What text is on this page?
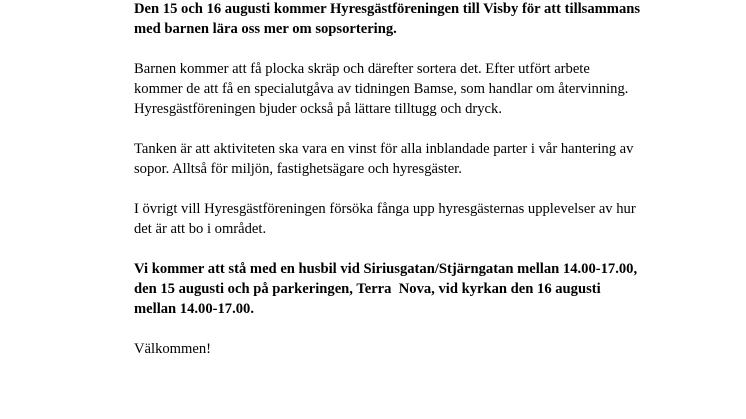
Den 15 och 16 augusti kommer Hyresgästföreningen till Visby för att tillsammans
med barnen lära oss mer om sopsortering.

Barnen kommer att få plocka skräp och därefter sortera det. Efter utfört arbete
kommer de att få en specialutgåva av tidningen Bamse, som handlar om återvinning.
Hyresgästföreningen bjuder också på lättare tilltugg och dryck.

Tanken är att aktiviteten ska vara en vinst för alla inblandade parter i vår hantering av
sopor. Alltså för miljön, fastighetsägare och hyresgäster.

I övrigt vill Hyresgästföreningen försöka fånga upp hyresgästernas upplevelser av hur
det är att bo i området.

Vi kommer att stå med en husbil vid Siriusgatan/Stjärngatan mellan 14.00-17.00,
den 15 augusti och på parkeringen, Terra  Nova, vid kyrkan den 16 augusti
mellan 14.00-17.00.

Välkommen!
